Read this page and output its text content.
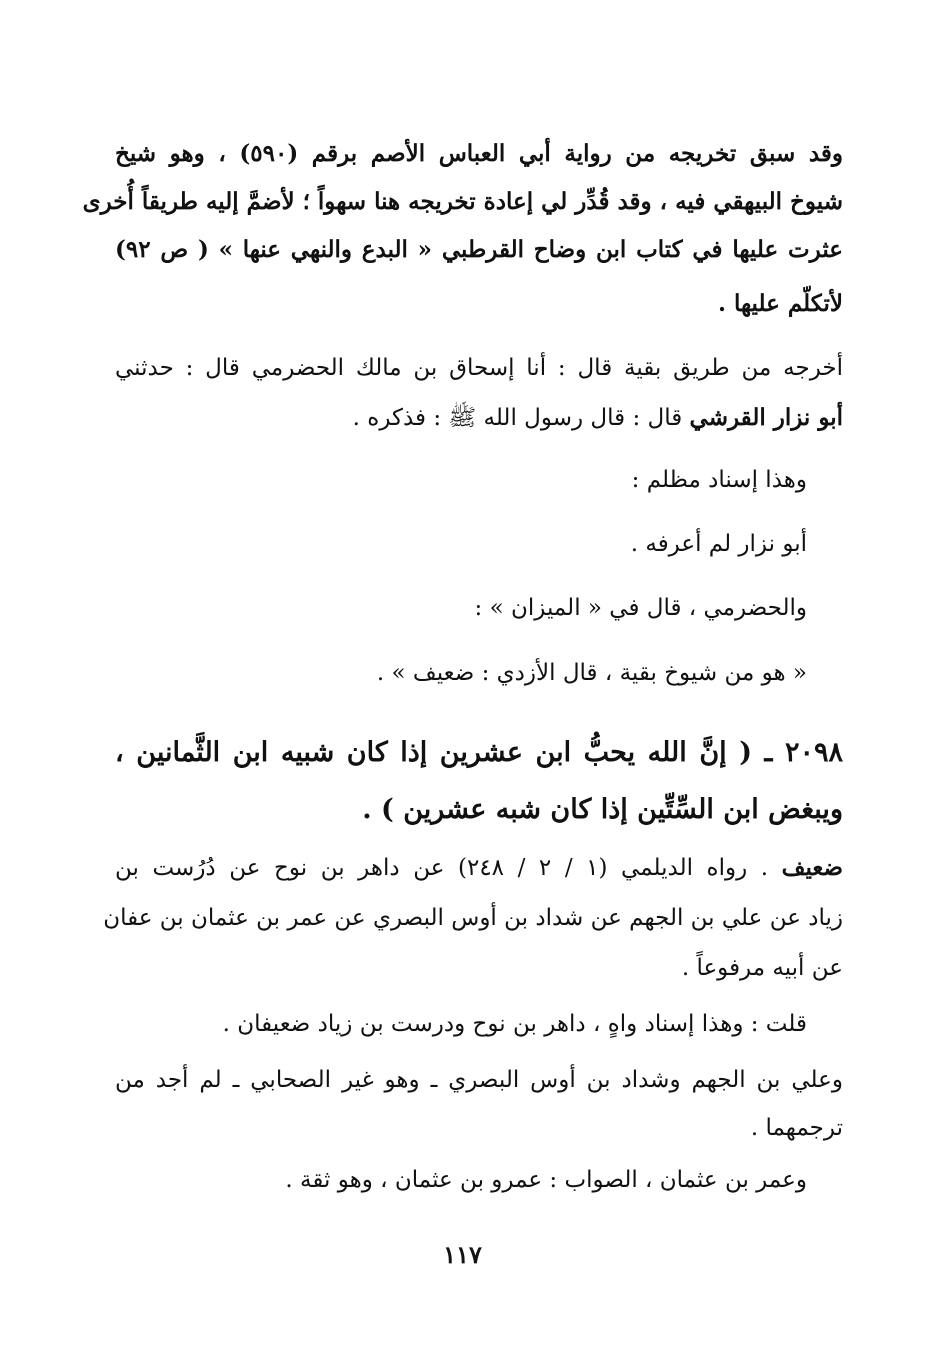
وقد سبق تخريجه من رواية أبي العباس الأصم برقم (٥٩٠) ، وهو شيخ
شيوخ البيهقي فيه ، وقد قُدِّر لي إعادة تخريجه هنا سهواً ؛ لأضمَّ إليه طريقاً أُخرى
عثرت عليها في كتاب ابن وضاح القرطبي « البدع والنهي عنها » ( ص ٩٢)
لأتكلّم عليها .
أخرجه من طريق بقية قال : أنا إسحاق بن مالك الحضرمي قال : حدثني
أبو نزار القرشي قال : قال رسول الله ﷺ : فذكره .
وهذا إسناد مظلم :
أبو نزار لم أعرفه .
والحضرمي ، قال في « الميزان » :
« هو من شيوخ بقية ، قال الأزدي : ضعيف » .
٢٠٩٨ ـ ( إنَّ الله يحبُّ ابن عشرين إذا كان شبيه ابن الثَّمانين ،
ويبغض ابن السِّتِّين إذا كان شبه عشرين ) .
ضعيف . رواه الديلمي (١ / ٢ / ٢٤٨) عن داهر بن نوح عن دُرُست بن
زياد عن علي بن الجهم عن شداد بن أوس البصري عن عمر بن عثمان بن عفان
عن أبيه مرفوعاً .
قلت : وهذا إسناد واهٍ ، داهر بن نوح ودرست بن زياد ضعيفان .
وعلي بن الجهم وشداد بن أوس البصري ـ وهو غير الصحابي ـ لم أجد من
ترجمهما .
وعمر بن عثمان ، الصواب : عمرو بن عثمان ، وهو ثقة .
١١٧
